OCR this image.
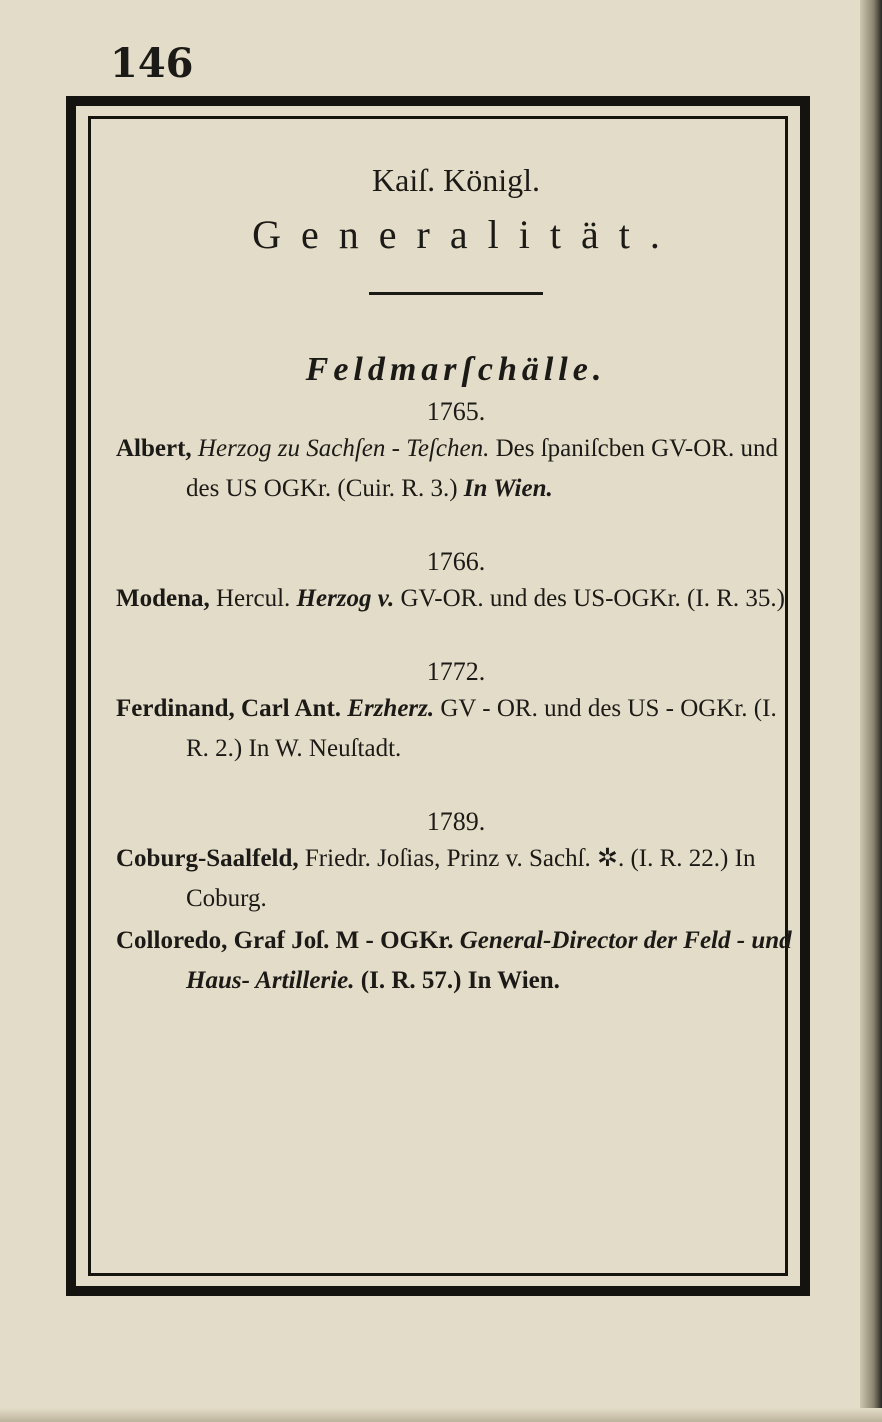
146
Kaiſ. Königl.
Generalität.
Feldmarſchälle.
1765.
Albert, Herzog zu Sachſen - Teſchen. Des ſpaniſcben GV-OR. und des US OGKr. (Cuir. R. 3.) In Wien.
1766.
Modena, Hercul. Herzog v. GV-OR. und des US-OGKr. (I. R. 35.)
1772.
Ferdinand, Carl Ant. Erzherz. GV - OR. und des US - OGKr. (I. R. 2.) In W. Neuſtadt.
1789.
Coburg-Saalfeld, Friedr. Joſias, Prinz v. Sachſ. ✲. (I. R. 22.) In Coburg.
Colloredo, Graf Joſ. M - OGKr. General-Director der Feld - und Haus- Artillerie. (I. R. 57.) In Wien.
